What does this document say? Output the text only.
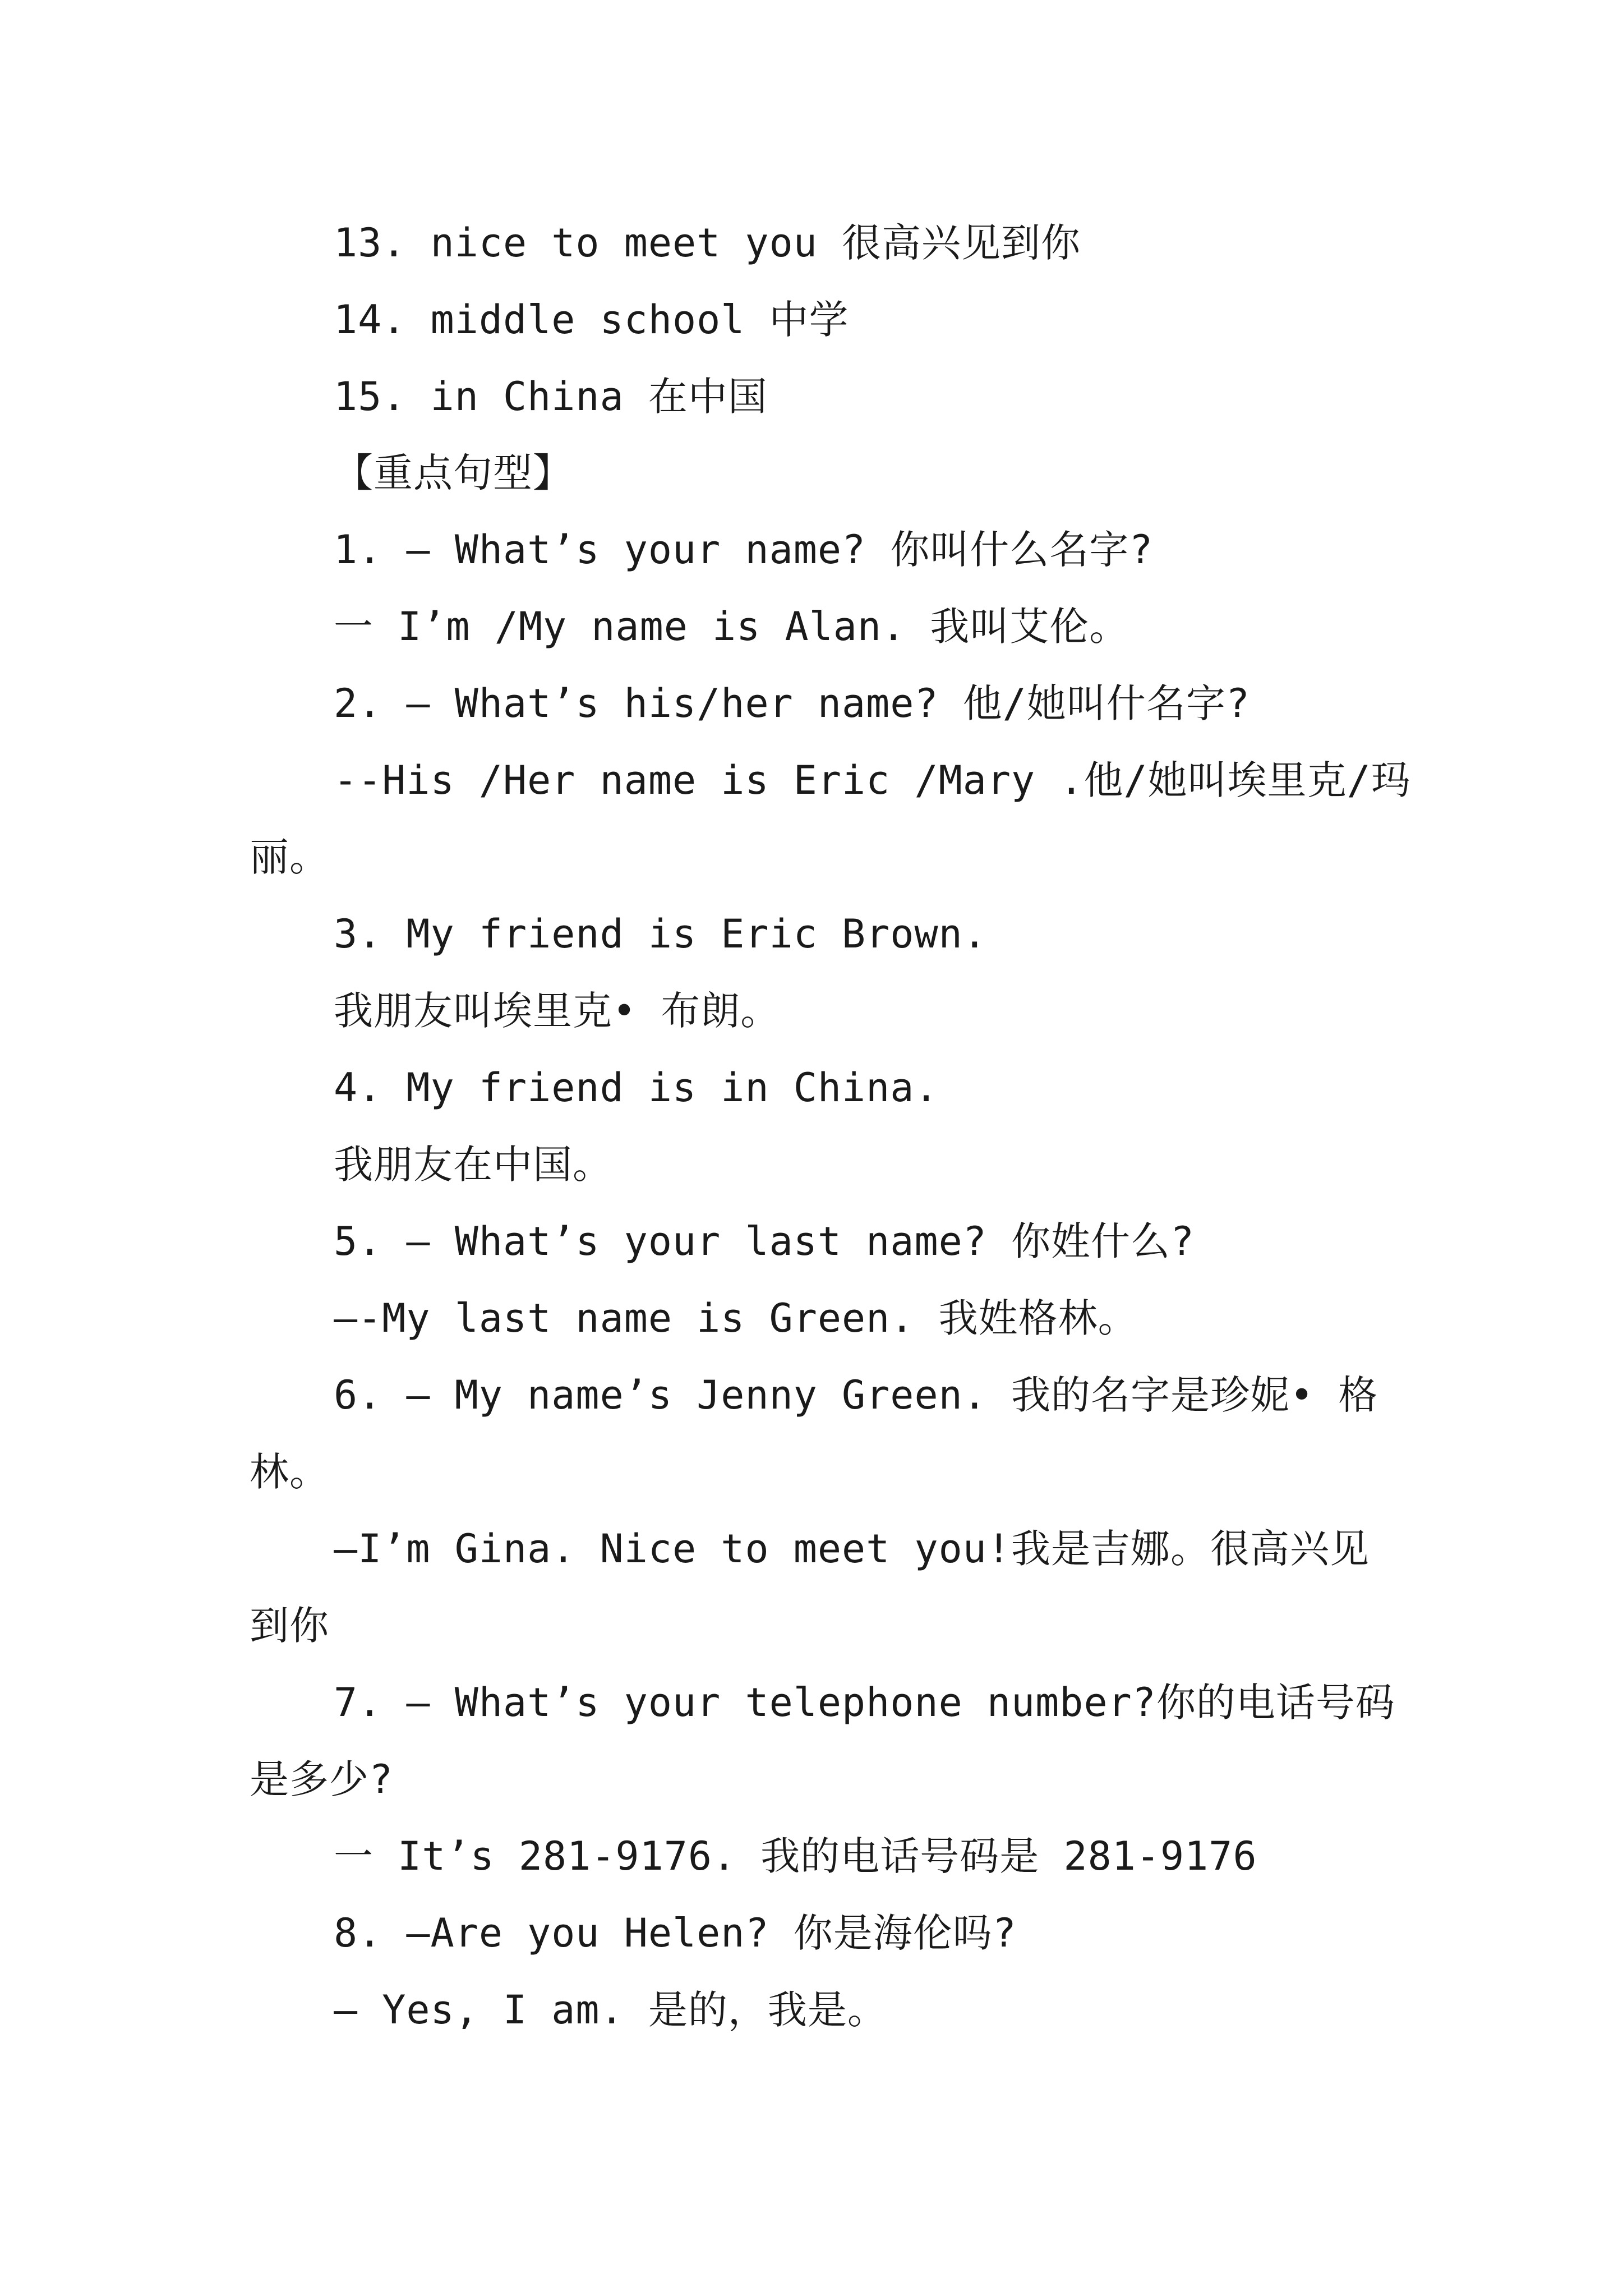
13. nice to meet you 很高兴见到你
14. middle school 中学
15. in China 在中国
【重点句型】
1. — What’s your name? 你叫什么名字?
一 I’m /My name is Alan. 我叫艾伦。
2. — What’s his/her name? 他/她叫什名字?
--His /Her name is Eric /Mary .他/她叫埃里克/玛
丽。
3. My friend is Eric Brown.
我朋友叫埃里克• 布朗。
4. My friend is in China.
我朋友在中国。
5. — What’s your last name? 你姓什么?
—-My last name is Green. 我姓格林。
6. — My name’s Jenny Green. 我的名字是珍妮• 格
林。
—I’m Gina. Nice to meet you!我是吉娜。很高兴见
到你
7. — What’s your telephone number?你的电话号码
是多少?
一 It’s 281-9176. 我的电话号码是 281-9176
8. —Are you Helen? 你是海伦吗?
— Yes, I am. 是的，我是。
